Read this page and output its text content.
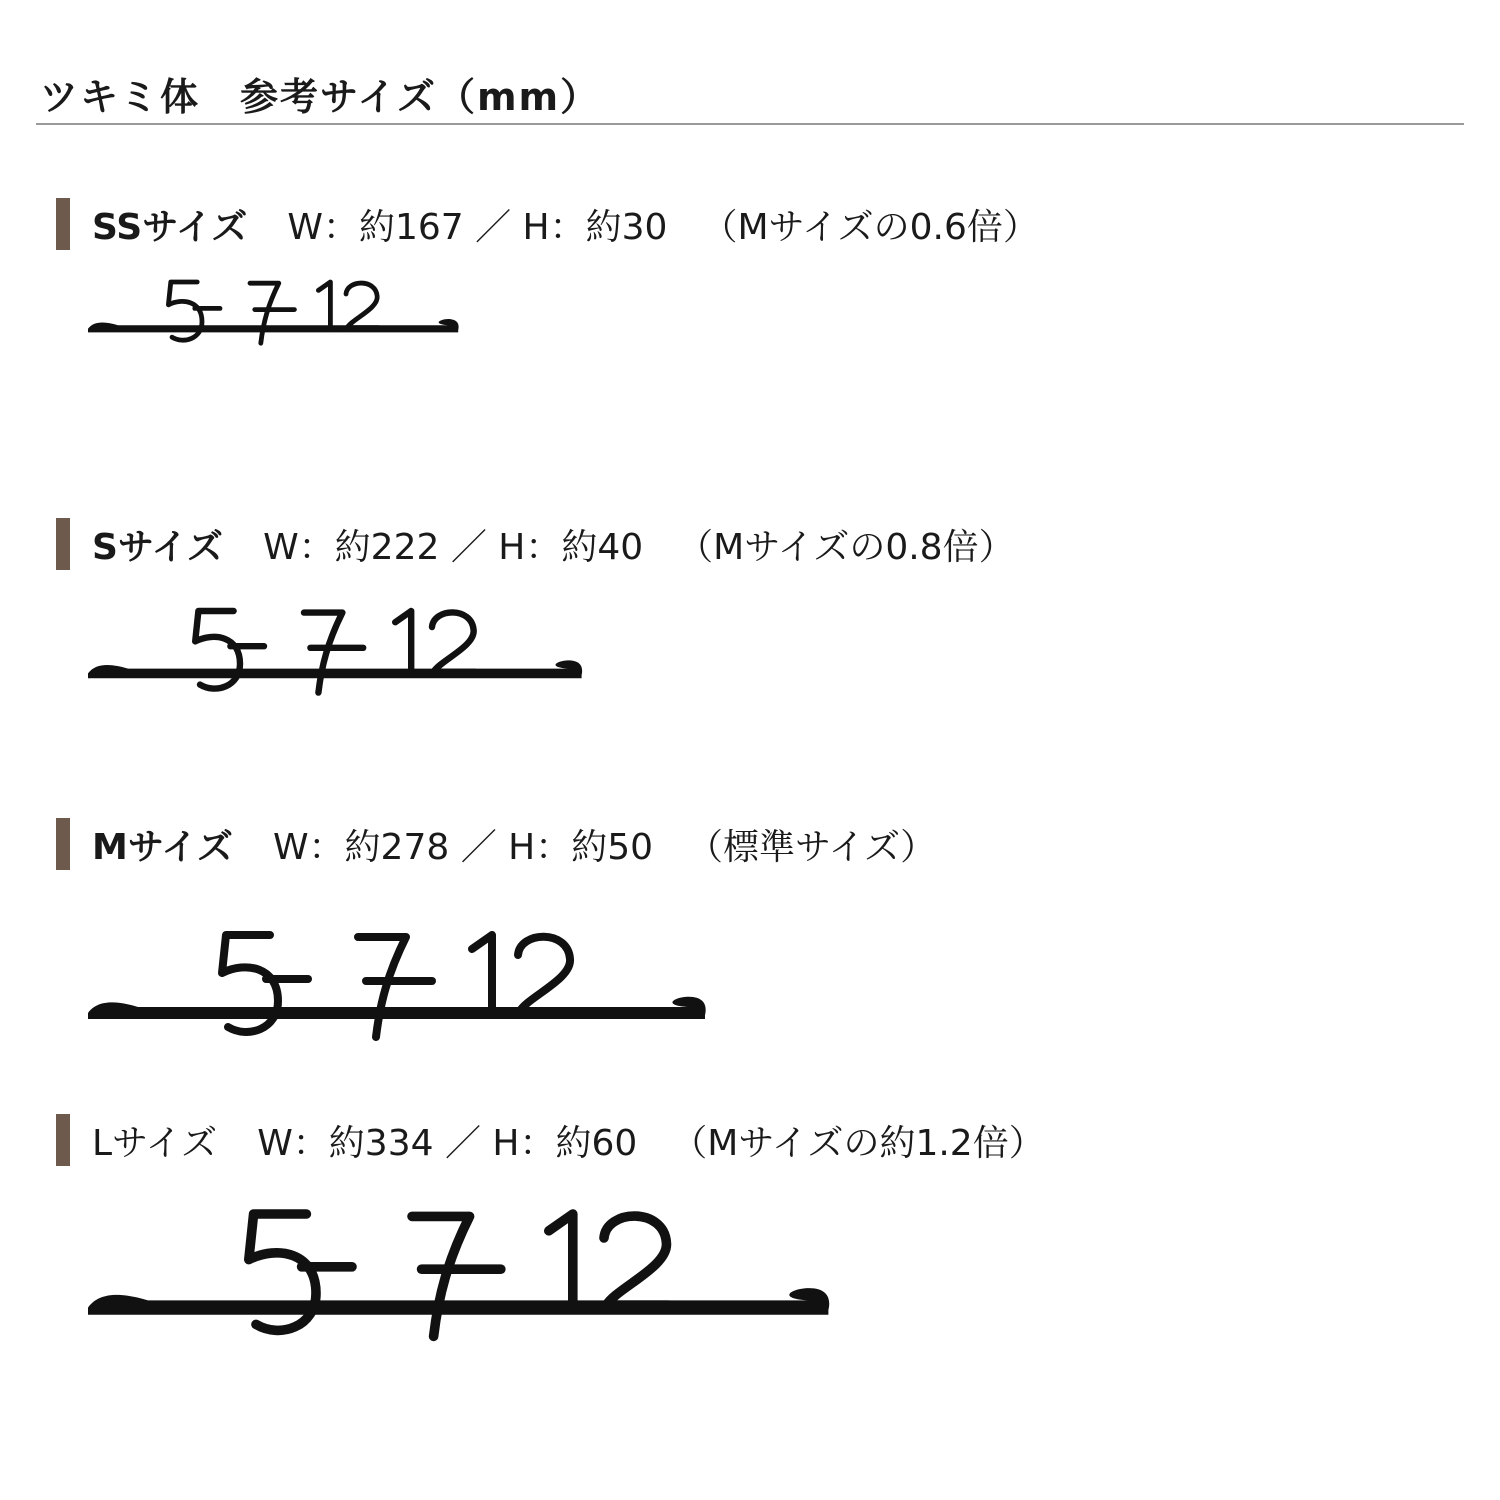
ツキミ体　参考サイズ（mm）
SSサイズ W：約167 ／ H：約30 （Mサイズの0.6倍）
5-7-12
Sサイズ W：約222 ／ H：約40 （Mサイズの0.8倍）
5-7-12
Mサイズ W：約278 ／ H：約50 （標準サイズ）
5-7-12
Lサイズ W：約334 ／ H：約60 （Mサイズの約1.2倍）
5-7-12
